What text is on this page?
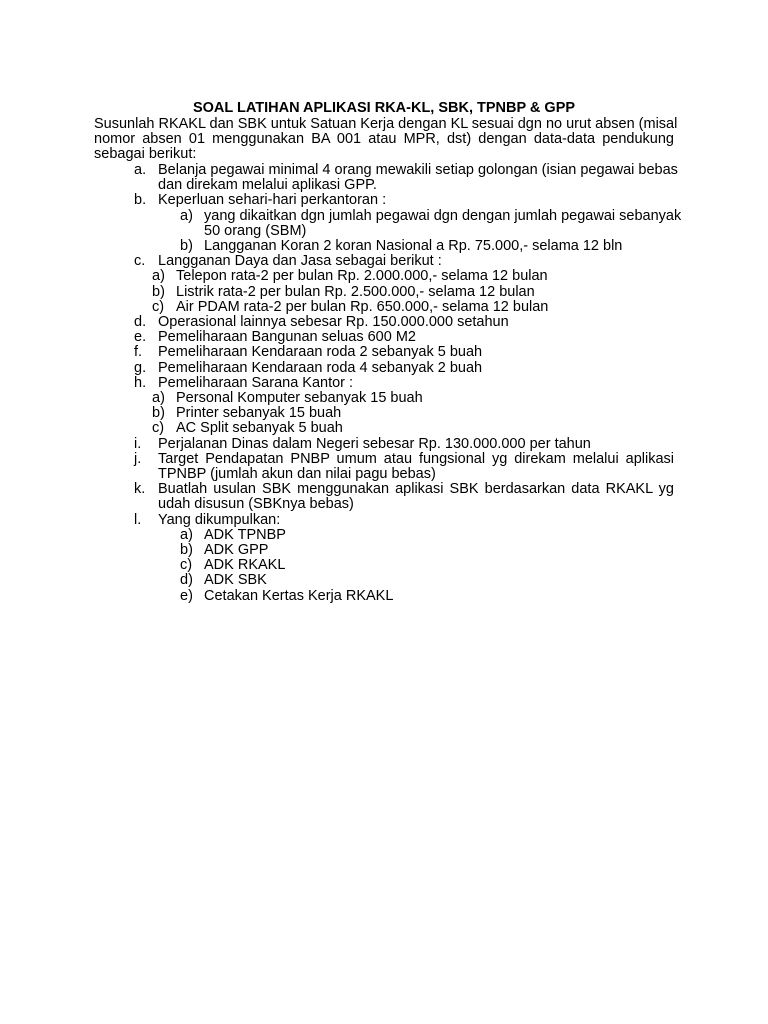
SOAL LATIHAN APLIKASI RKA-KL, SBK, TPNBP & GPP
Susunlah RKAKL dan SBK untuk Satuan Kerja dengan KL sesuai dgn no urut absen (misal
nomor absen 01 menggunakan BA 001 atau MPR, dst) dengan data-data pendukung
sebagai berikut:
a. Belanja pegawai minimal 4 orang mewakili setiap golongan (isian pegawai bebas
dan direkam melalui aplikasi GPP.
b. Keperluan sehari-hari perkantoran :
a) yang dikaitkan dgn jumlah pegawai dgn dengan jumlah pegawai sebanyak
50 orang (SBM)
b) Langganan Koran 2 koran Nasional a Rp. 75.000,- selama 12 bln
c. Langganan Daya dan Jasa sebagai berikut :
a) Telepon rata-2 per bulan Rp. 2.000.000,- selama 12 bulan
b) Listrik rata-2 per bulan Rp. 2.500.000,- selama 12 bulan
c) Air PDAM rata-2 per bulan Rp. 650.000,- selama 12 bulan
d. Operasional lainnya sebesar Rp. 150.000.000 setahun
e. Pemeliharaan Bangunan seluas 600 M2
f.	Pemeliharaan Kendaraan roda 2 sebanyak 5 buah
g. Pemeliharaan Kendaraan roda 4 sebanyak 2 buah
h. Pemeliharaan Sarana Kantor :
a) Personal Komputer sebanyak 15 buah
b) Printer sebanyak 15 buah
c) AC Split sebanyak 5 buah
i.	Perjalanan Dinas dalam Negeri sebesar Rp. 130.000.000 per tahun
j.	Target Pendapatan PNBP umum atau fungsional yg direkam melalui aplikasi
TPNBP (jumlah akun dan nilai pagu bebas)
k. Buatlah usulan SBK menggunakan aplikasi SBK berdasarkan data RKAKL yg
udah disusun (SBKnya bebas)
l.	Yang dikumpulkan:
a) ADK TPNBP
b) ADK GPP
c) ADK RKAKL
d) ADK SBK
e) Cetakan Kertas Kerja RKAKL
